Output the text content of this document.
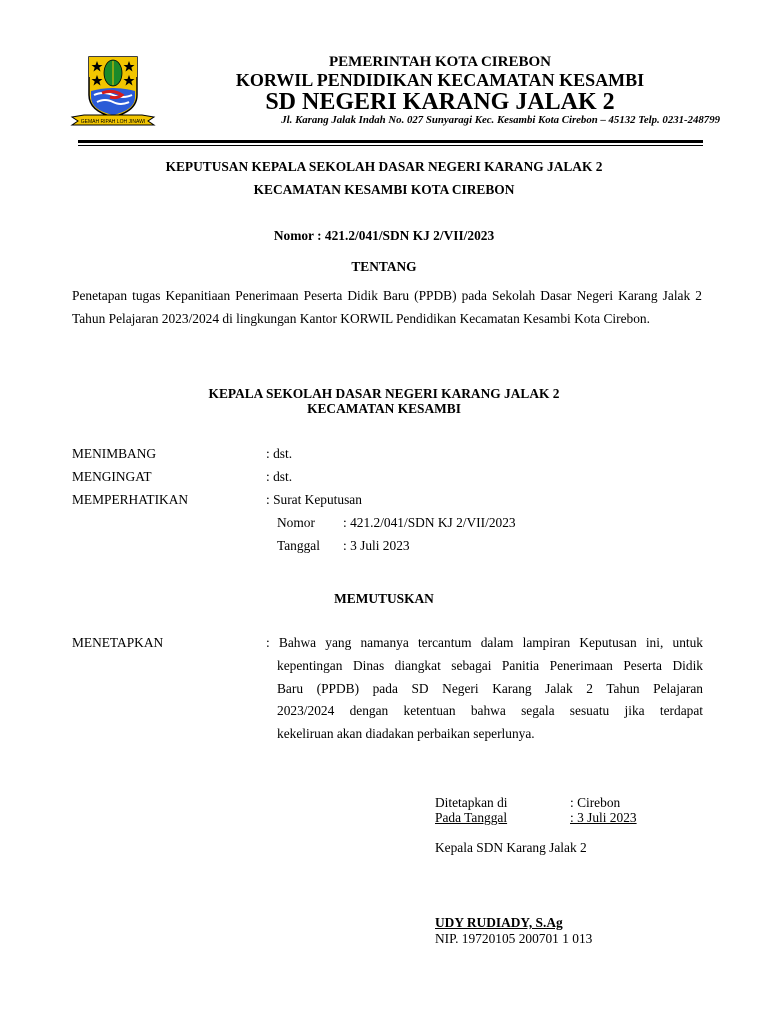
GEMAH RIPAH LOH JINAWI
PEMERINTAH KOTA CIREBON
KORWIL PENDIDIKAN KECAMATAN KESAMBI
SD NEGERI KARANG JALAK 2
Jl. Karang Jalak Indah No. 027 Sunyaragi Kec. Kesambi Kota Cirebon – 45132 Telp. 0231-248799
KEPUTUSAN KEPALA SEKOLAH DASAR NEGERI KARANG JALAK 2
KECAMATAN KESAMBI KOTA CIREBON
Nomor : 421.2/041/SDN KJ 2/VII/2023
TENTANG
Penetapan tugas Kepanitiaan Penerimaan Peserta Didik Baru (PPDB) pada Sekolah Dasar Negeri Karang Jalak 2 Tahun Pelajaran 2023/2024 di lingkungan Kantor KORWIL Pendidikan Kecamatan Kesambi Kota Cirebon.
KEPALA SEKOLAH DASAR NEGERI KARANG JALAK 2
KECAMATAN KESAMBI
MENIMBANG	: dst.
MENGINGAT	: dst.
MEMPERHATIKAN	: Surat Keputusan
Nomor : 421.2/041/SDN KJ 2/VII/2023
Tanggal : 3 Juli 2023
MEMUTUSKAN
MENETAPKAN	: Bahwa yang namanya tercantum dalam lampiran Keputusan ini, untuk
kepentingan Dinas diangkat sebagai Panitia Penerimaan Peserta Didik
Baru (PPDB) pada SD Negeri Karang Jalak 2 Tahun Pelajaran
2023/2024 dengan ketentuan bahwa segala sesuatu jika terdapat
kekeliruan akan diadakan perbaikan seperlunya.
Ditetapkan di	: Cirebon
Pada Tanggal	: 3 Juli 2023
Kepala SDN Karang Jalak 2
UDY RUDIADY, S.Ag
NIP. 19720105 200701 1 013
